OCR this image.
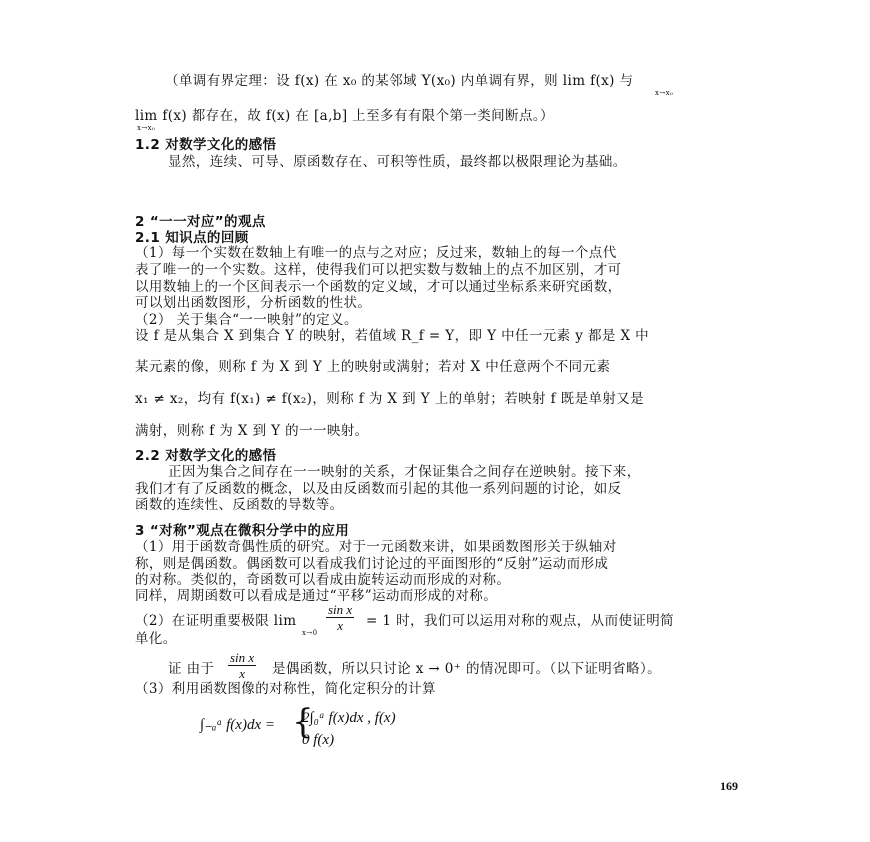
（单调有界定理：设 f(x) 在 x₀ 的某邻域 Y(x₀) 内单调有界，则 lim f(x) 与
x→x₀
lim f(x) 都存在，故 f(x) 在 [a,b] 上至多有有限个第一类间断点。）
x→x₀
1.2 对数学文化的感悟
显然，连续、可导、原函数存在、可积等性质，最终都以极限理论为基础。
2 “一一对应”的观点
2.1 知识点的回顾
（1）每一个实数在数轴上有唯一的点与之对应；反过来，数轴上的每一个点代
表了唯一的一个实数。这样，使得我们可以把实数与数轴上的点不加区别，才可
以用数轴上的一个区间表示一个函数的定义域，才可以通过坐标系来研究函数，
可以划出函数图形，分析函数的性状。
（2） 关于集合“一一映射”的定义。
设 f 是从集合 X 到集合 Y 的映射，若值域 R_f = Y，即 Y 中任一元素 y 都是 X 中
某元素的像，则称 f 为 X 到 Y 上的映射或满射；若对 X 中任意两个不同元素
x₁ ≠ x₂，均有 f(x₁) ≠ f(x₂)，则称 f 为 X 到 Y 上的单射；若映射 f 既是单射又是
满射，则称 f 为 X 到 Y 的一一映射。
2.2 对数学文化的感悟
正因为集合之间存在一一映射的关系，才保证集合之间存在逆映射。接下来，
我们才有了反函数的概念，以及由反函数而引起的其他一系列问题的讨论，如反
函数的连续性、反函数的导数等。
3 “对称”观点在微积分学中的应用
（1）用于函数奇偶性质的研究。对于一元函数来讲，如果函数图形关于纵轴对
称，则是偶函数。偶函数可以看成我们讨论过的平面图形的“反射”运动而形成
的对称。类似的，奇函数可以看成由旋转运动而形成的对称。
同样，周期函数可以看成是通过“平移”运动而形成的对称。
（2）在证明重要极限 lim
$x\to 0 \frac{\text{sin x}}{x} = 1$ 时，我们可以运用对称的观点，从而使证明简
单化。
证 由于 $\frac{\text{sin x}}{x}$ 是偶函数，所以只讨论 x → 0⁺ 的情况即可。（以下证明省略）。
（3）利用函数图像的对称性，简化定积分的计算
∫₋ₐᵃ f(x)dx = {
2∫₀ᵃ f(x)dx , f(x)
0 f(x)
169
